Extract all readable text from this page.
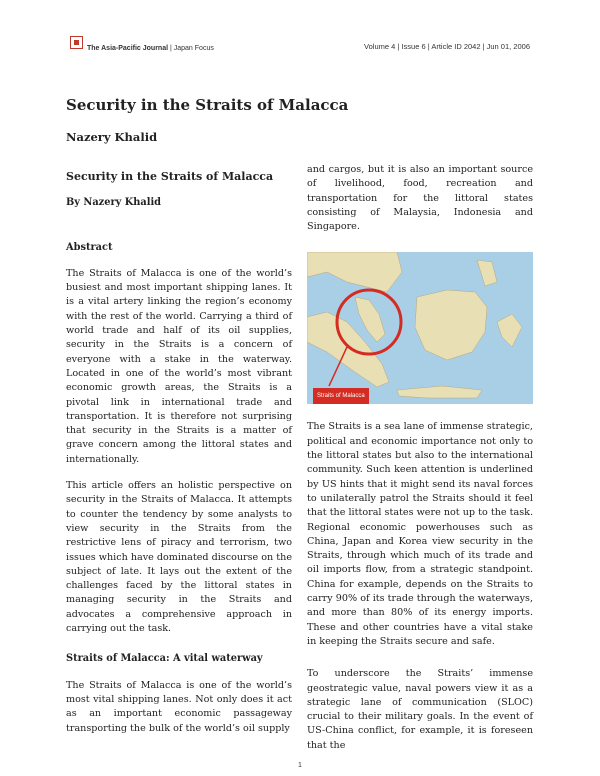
The Asia-Pacific Journal | Japan Focus	Volume 4 | Issue 6 | Article ID 2042 | Jun 01, 2006
Security in the Straits of Malacca
Nazery Khalid
Security in the Straits of Malacca
By Nazery Khalid
Abstract

The Straits of Malacca is one of the world’s busiest and most important shipping lanes. It is a vital artery linking the region’s economy with the rest of the world. Carrying a third of world trade and half of its oil supplies, security in the Straits is a concern of everyone with a stake in the waterway. Located in one of the world’s most vibrant economic growth areas, the Straits is a pivotal link in international trade and transportation. It is therefore not surprising that security in the Straits is a matter of grave concern among the littoral states and internationally.

This article offers an holistic perspective on security in the Straits of Malacca. It attempts to counter the tendency by some analysts to view security in the Straits from the restrictive lens of piracy and terrorism, two issues which have dominated discourse on the subject of late. It lays out the extent of the challenges faced by the littoral states in managing security in the Straits and advocates a comprehensive approach in carrying out the task.

Straits of Malacca: A vital waterway

The Straits of Malacca is one of the world’s most vital shipping lanes. Not only does it act as an important economic passageway transporting the bulk of the world’s oil supply

and cargos, but it is also an important source of livelihood, food, recreation and transportation for the littoral states consisting of Malaysia, Indonesia and Singapore.

Straits of Malacca

The Straits is a sea lane of immense strategic, political and economic importance not only to the littoral states but also to the international community. Such keen attention is underlined by US hints that it might send its naval forces to unilaterally patrol the Straits should it feel that the littoral states were not up to the task. Regional economic powerhouses such as China, Japan and Korea view security in the Straits, through which much of its trade and oil imports flow, from a strategic standpoint. China for example, depends on the Straits to carry 90% of its trade through the waterways, and more than 80% of its energy imports. These and other countries have a vital stake in keeping the Straits secure and safe.

To underscore the Straits’ immense geostrategic value, naval powers view it as a strategic lane of communication (SLOC) crucial to their military goals. In the event of US-China conflict, for example, it is foreseen that the

1
